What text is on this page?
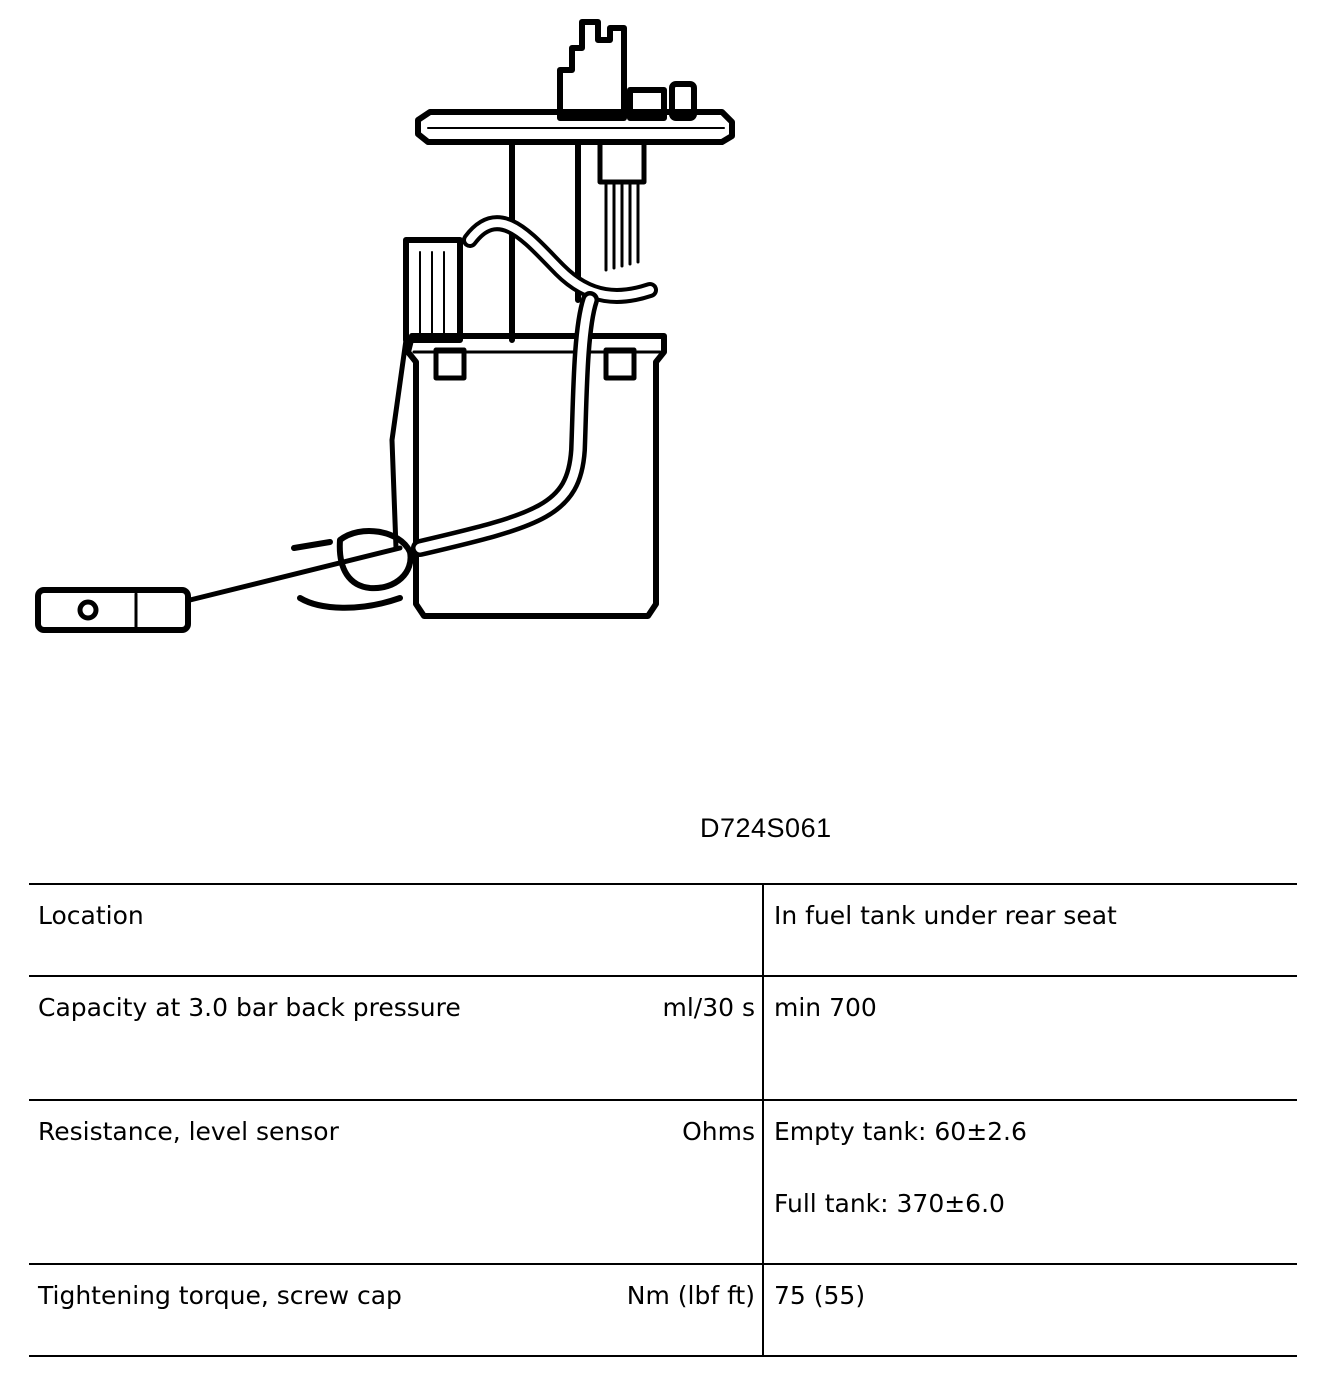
D724S061
Location		In fuel tank under rear seat

Capacity at 3.0 bar back pressure	ml/30 s	min 700

Resistance, level sensor	Ohms	Empty tank: 60±2.6
Full tank: 370±6.0

Tightening torque, screw cap	Nm (lbf ft)	75 (55)
